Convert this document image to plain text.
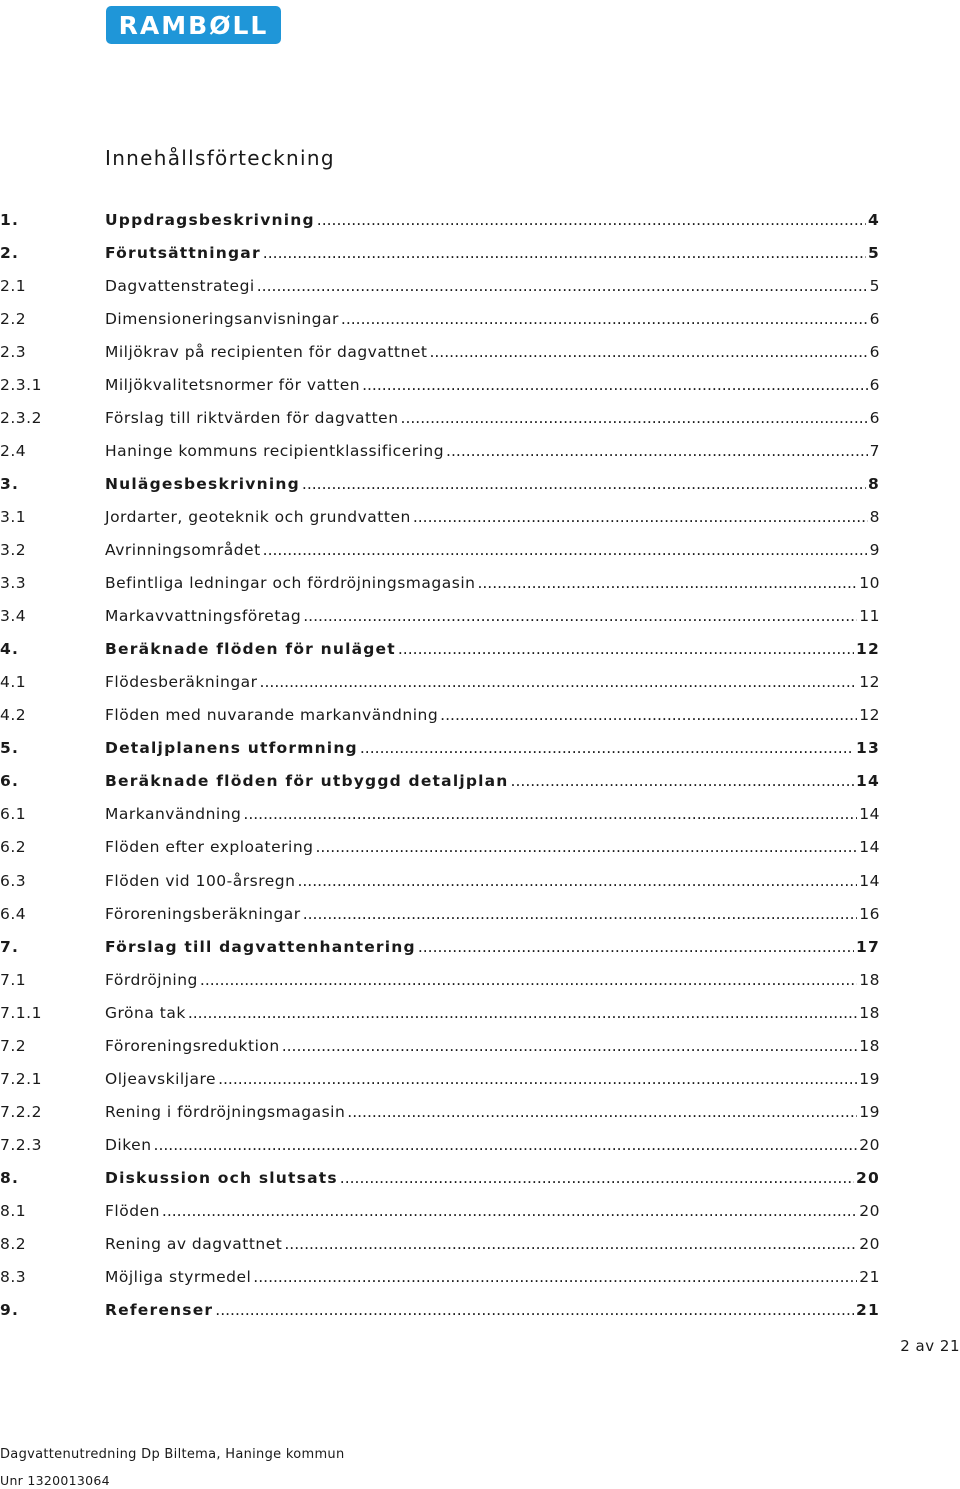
RAMBØLL
Innehållsförteckning
1.	Uppdragsbeskrivning .....	4
2.	Förutsättningar .....	5
2.1	Dagvattenstrategi .....	5
2.2	Dimensioneringsanvisningar .....	6
2.3	Miljökrav på recipienten för dagvattnet .....	6
2.3.1	Miljökvalitetsnormer för vatten .....	6
2.3.2	Förslag till riktvärden för dagvatten .....	6
2.4	Haninge kommuns recipientklassificering .....	7
3.	Nulägesbeskrivning .....	8
3.1	Jordarter, geoteknik och grundvatten .....	8
3.2	Avrinningsområdet .....	9
3.3	Befintliga ledningar och fördröjningsmagasin .....	10
3.4	Markavvattningsföretag .....	11
4.	Beräknade flöden för nuläget .....	12
4.1	Flödesberäkningar .....	12
4.2	Flöden med nuvarande markanvändning .....	12
5.	Detaljplanens utformning .....	13
6.	Beräknade flöden för utbyggd detaljplan .....	14
6.1	Markanvändning .....	14
6.2	Flöden efter exploatering .....	14
6.3	Flöden vid 100-årsregn .....	14
6.4	Föroreningsberäkningar .....	16
7.	Förslag till dagvattenhantering .....	17
7.1	Fördröjning .....	18
7.1.1	Gröna tak .....	18
7.2	Föroreningsreduktion .....	18
7.2.1	Oljeavskiljare .....	19
7.2.2	Rening i fördröjningsmagasin .....	19
7.2.3	Diken .....	20
8.	Diskussion och slutsats .....	20
8.1	Flöden .....	20
8.2	Rening av dagvattnet .....	20
8.3	Möjliga styrmedel .....	21
9.	Referenser .....	21
2 av 21
Dagvattenutredning Dp Biltema, Haninge kommun
Unr 1320013064
